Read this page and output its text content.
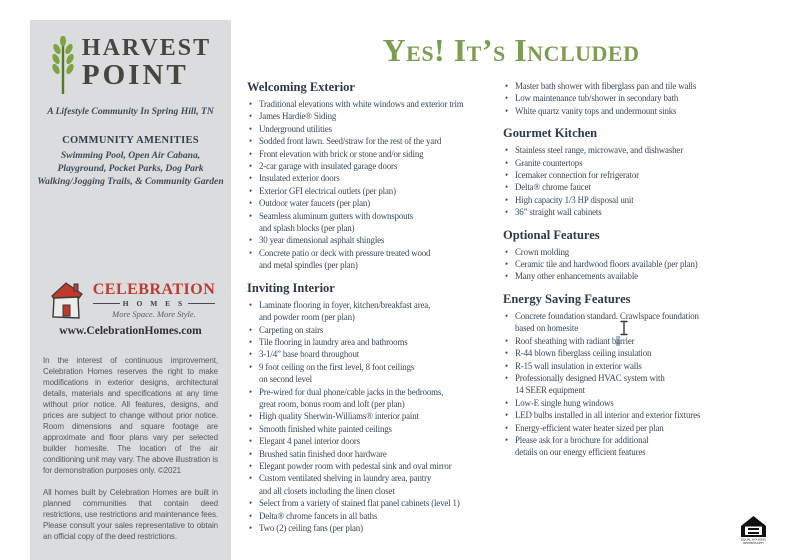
HARVEST
POINT
A Lifestyle Community In Spring Hill, TN
COMMUNITY AMENITIES
Swimming Pool, Open Air Cabana,
Playground, Pocket Parks, Dog Park
Walking/Jogging Trails, & Community Garden
CELEBRATION
H O M E S
More Space. More Style.
www.CelebrationHomes.com
In the interest of continuous improvement, Celebration Homes reserves the right to make modifications in exterior designs, architectural details, materials and specifications at any time without prior notice. All features, designs, and prices are subject to change without prior notice. Room dimensions and square footage are approximate and floor plans vary per selected builder homesite. The location of the air conditioning unit may vary. The above illustration is for demonstration purposes only. ©2021
All homes built by Celebration Homes are built in planned communities that contain deed restrictions, use restrictions and maintenance fees. Please consult your sales representative to obtain an official copy of the deed restrictions.
Yes! It’s Included
Welcoming Exterior
• Traditional elevations with white windows and exterior trim
• James Hardie® Siding
• Underground utilities
• Sodded front lawn. Seed/straw for the rest of the yard
• Front elevation with brick or stone and/or siding
• 2-car garage with insulated garage doors
• Insulated exterior doors
• Exterior GFI electrical outlets (per plan)
• Outdoor water faucets (per plan)
• Seamless aluminum gutters with downspouts
and splash blocks (per plan)
• 30 year dimensional asphalt shingles
• Concrete patio or deck with pressure treated wood
and metal spindles (per plan)
Inviting Interior
• Laminate flooring in foyer, kitchen/breakfast area,
and powder room (per plan)
• Carpeting on stairs
• Tile flooring in laundry area and bathrooms
• 3-1/4” base board throughout
• 9 foot ceiling on the first level, 8 foot ceilings
on second level
• Pre-wired for dual phone/cable jacks in the bedrooms,
great room, bonus room and loft (per plan)
• High quality Sherwin-Williams® interior paint
• Smooth finished white painted ceilings
• Elegant 4 panel interior doors
• Brushed satin finished door hardware
• Elegant powder room with pedestal sink and oval mirror
• Custom ventilated shelving in laundry area, pantry
and all closets including the linen closet
• Select from a variety of stained flat panel cabinets (level 1)
• Delta® chrome faucets in all baths
• Two (2) ceiling fans (per plan)
• Master bath shower with fiberglass pan and tile walls
• Low maintenance tub/shower in secondary bath
• White quartz vanity tops and undermount sinks
Gourmet Kitchen
• Stainless steel range, microwave, and dishwasher
• Granite countertops
• Icemaker connection for refrigerator
• Delta® chrome faucet
• High capacity 1/3 HP disposal unit
• 36” straight wall cabinets
Optional Features
• Crown molding
• Ceramic tile and hardwood floors available (per plan)
• Many other enhancements available
Energy Saving Features
• Concrete foundation standard. Crawlspace foundation
based on homesite
• Roof sheathing with radiant barrier
• R-44 blown fiberglass ceiling insulation
• R-15 wall insulation in exterior walls
• Professionally designed HVAC system with
14 SEER equipment
• Low-E single hung windows
• LED bulbs installed in all interior and exterior fixtures
• Energy-efficient water heater sized per plan
• Please ask for a brochure for additional
details on our energy efficient features
EQUAL HOUSING
OPPORTUNITY
